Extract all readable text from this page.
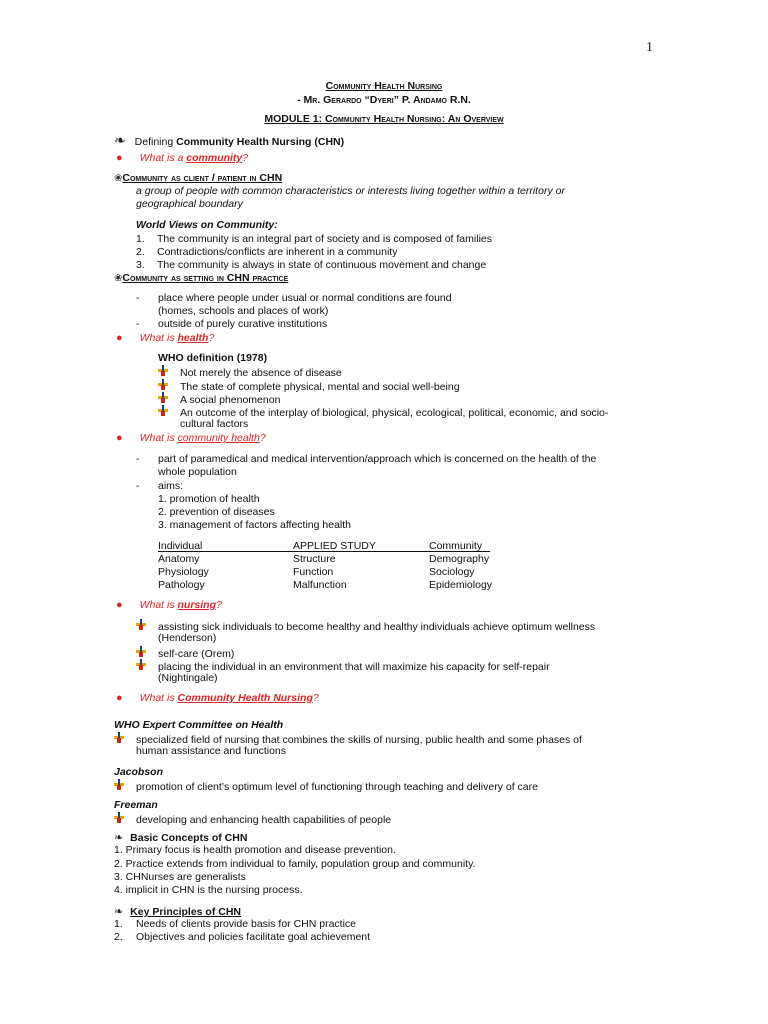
1
Community Health Nursing
- Mr. Gerardo “Dyeri” P. Andamo R.N.
MODULE 1: Community Health Nursing: An Overview
❧ Defining Community Health Nursing (CHN)
● What is a community?
❀Community as client / patient in CHN
a group of people with common characteristics or interests living together within a territory or
geographical boundary
World Views on Community:
1. The community is an integral part of society and is composed of families
2. Contradictions/conflicts are inherent in a community
3. The community is always in state of continuous movement and change
❀Community as setting in CHN practice
- place where people under usual or normal conditions are found
(homes, schools and places of work)
- outside of purely curative institutions
● What is health?
WHO definition (1978)
Not merely the absence of disease
The state of complete physical, mental and social well-being
A social phenomenon
An outcome of the interplay of biological, physical, ecological, political, economic, and socio-
cultural factors
● What is community health?
- part of paramedical and medical intervention/approach which is concerned on the health of the
whole population
- aims:
1. promotion of health
2. prevention of diseases
3. management of factors affecting health
Individual	APPLIED STUDY	Community
Anatomy	Structure	Demography
Physiology	Function	Sociology
Pathology	Malfunction	Epidemiology
● What is nursing?
assisting sick individuals to become healthy and healthy individuals achieve optimum wellness
(Henderson)
self-care (Orem)
placing the individual in an environment that will maximize his capacity for self-repair
(Nightingale)
● What is Community Health Nursing?
WHO Expert Committee on Health
specialized field of nursing that combines the skills of nursing, public health and some phases of
human assistance and functions
Jacobson
promotion of client’s optimum level of functioning through teaching and delivery of care
Freeman
developing and enhancing health capabilities of people
❧ Basic Concepts of CHN
1. Primary focus is health promotion and disease prevention.
2. Practice extends from individual to family, population group and community.
3. CHNurses are generalists
4. implicit in CHN is the nursing process.
❧ Key Principles of CHN
1. Needs of clients provide basis for CHN practice
2. Objectives and policies facilitate goal achievement
